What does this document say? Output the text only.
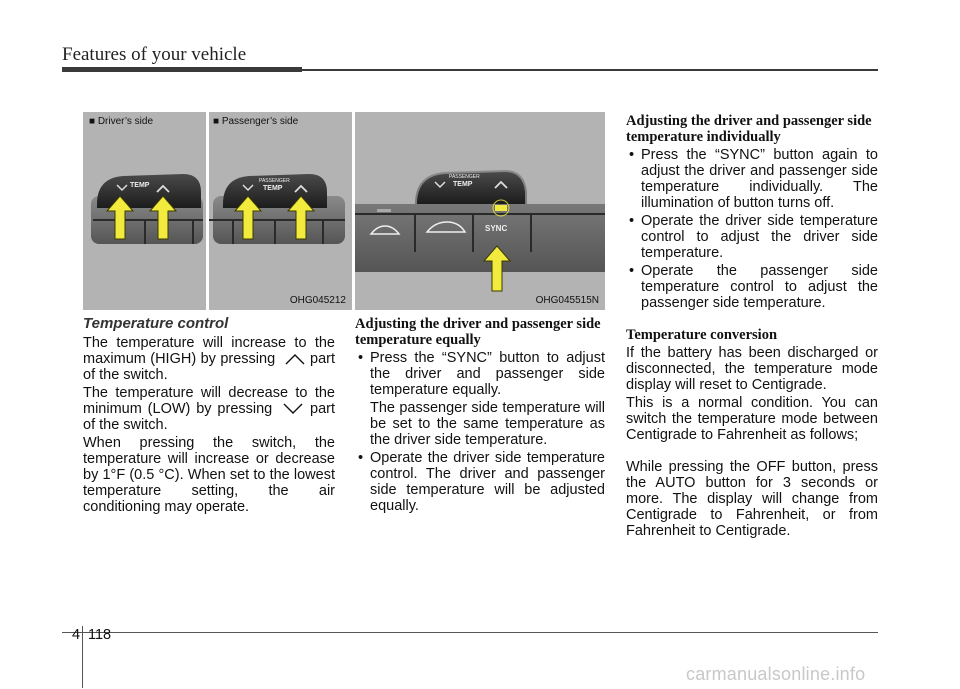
Features of your vehicle
■ Driver’s side	■ Passenger’s side
TEMP
PASSENGER
TEMP
OHG045212
PASSENGER
TEMP
SYNC
OHG045515N
Temperature control
The temperature will increase to the maximum (HIGH) by pressing part of the switch.
The temperature will decrease to the minimum (LOW) by pressing	part of the switch.
When pressing the switch, the temperature will increase or decrease by 1°F (0.5 °C). When set to the lowest temperature setting, the air conditioning may operate.
Adjusting the driver and passenger side temperature equally
• Press the “SYNC” button to adjust the driver and passenger side temperature equally.
The passenger side temperature will be set to the same temperature as the driver side temperature.
• Operate the driver side temperature control. The driver and passenger side temperature will be adjusted equally.
Adjusting the driver and passenger side temperature individually
• Press the “SYNC” button again to adjust the driver and passenger side temperature individually. The illumination of button turns off.
• Operate the driver side temperature control to adjust the driver side temperature.
• Operate the passenger side temperature control to adjust the passenger side temperature.
Temperature conversion
If the battery has been discharged or disconnected, the temperature mode display will reset to Centigrade.
This is a normal condition. You can switch the temperature mode between Centigrade to Fahrenheit as follows;
While pressing the OFF button, press the AUTO button for 3 seconds or more. The display will change from Centigrade to Fahrenheit, or from Fahrenheit to Centigrade.
4 118
carmanualsonline.info
